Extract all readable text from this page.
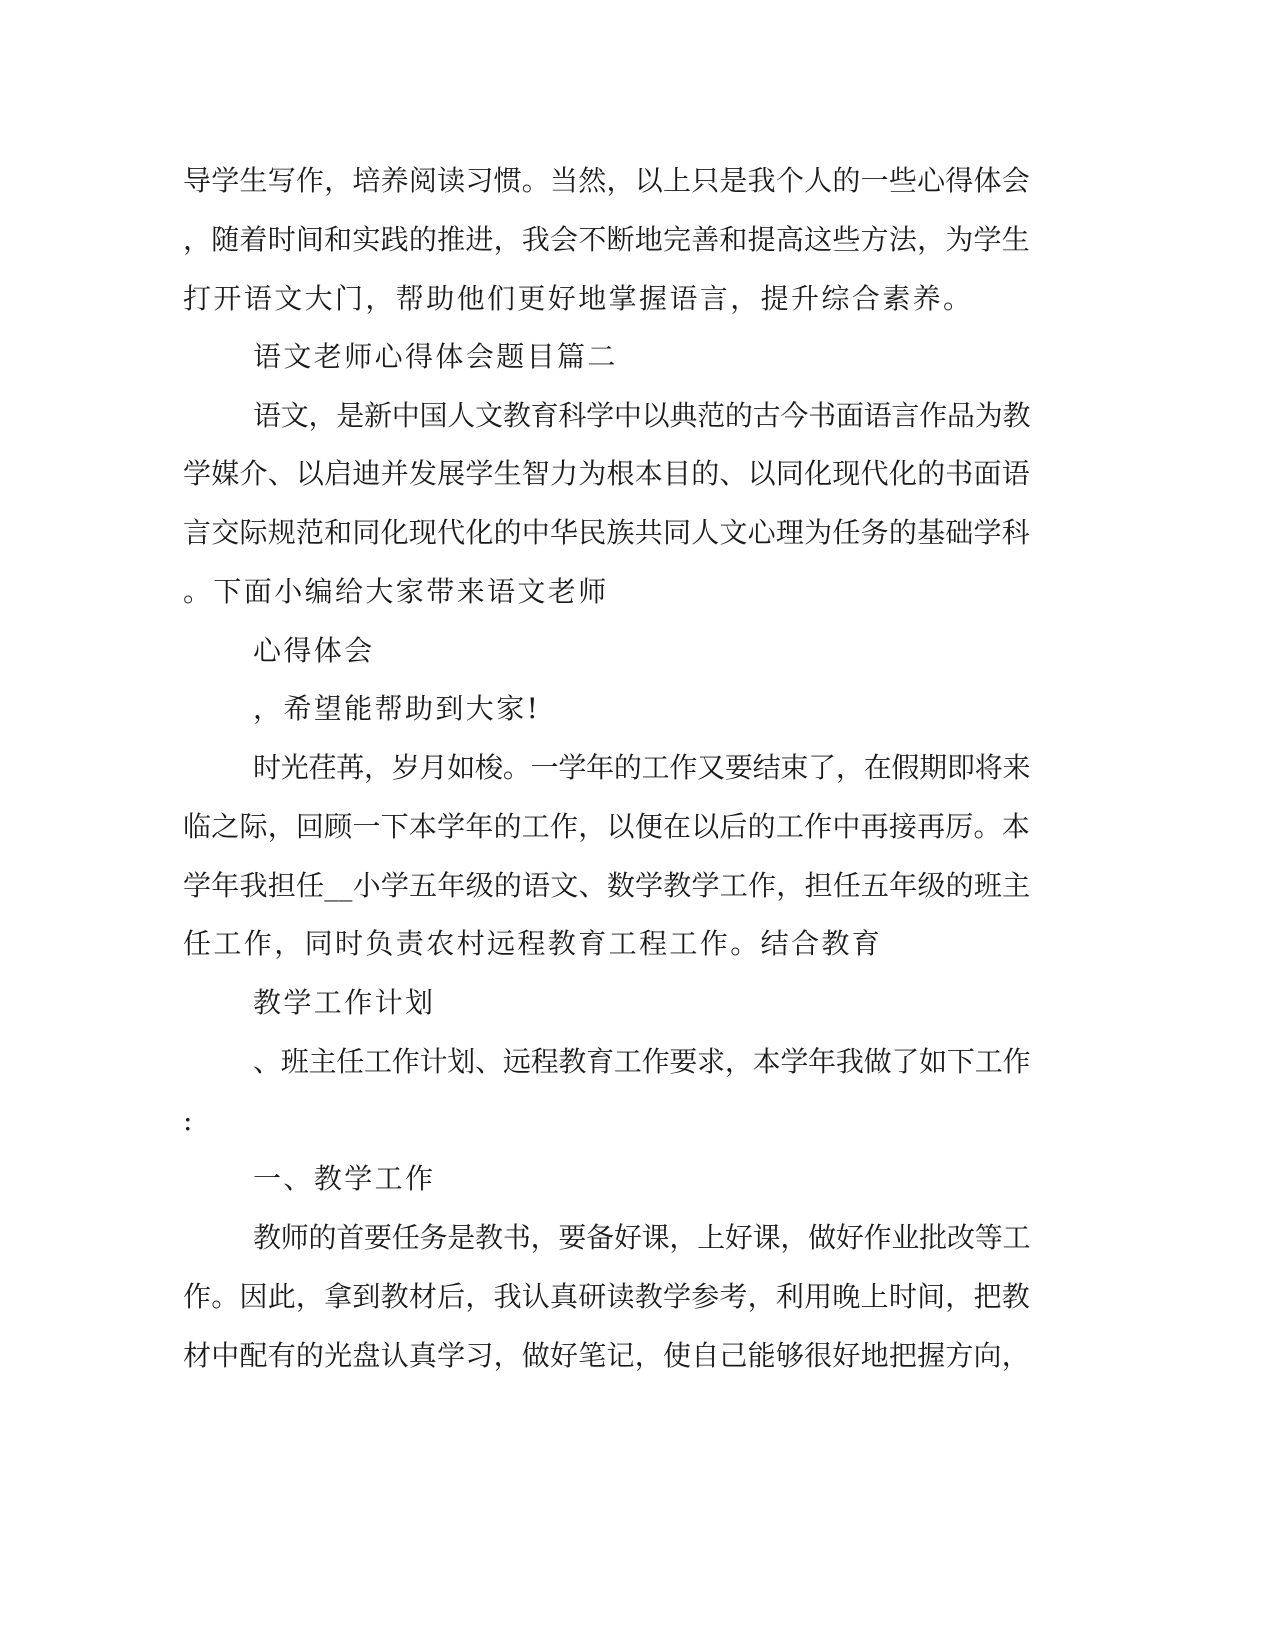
导学生写作，培养阅读习惯。当然，以上只是我个人的一些心得体会
，随着时间和实践的推进，我会不断地完善和提高这些方法，为学生
打开语文大门，帮助他们更好地掌握语言，提升综合素养。
语文老师心得体会题目篇二
语文，是新中国人文教育科学中以典范的古今书面语言作品为教
学媒介、以启迪并发展学生智力为根本目的、以同化现代化的书面语
言交际规范和同化现代化的中华民族共同人文心理为任务的基础学科
。下面小编给大家带来语文老师
心得体会
，希望能帮助到大家!
时光荏苒，岁月如梭。一学年的工作又要结束了，在假期即将来
临之际，回顾一下本学年的工作，以便在以后的工作中再接再厉。本
学年我担任__小学五年级的语文、数学教学工作，担任五年级的班主
任工作，同时负责农村远程教育工程工作。结合教育
教学工作计划
、班主任工作计划、远程教育工作要求，本学年我做了如下工作
:
一、教学工作
教师的首要任务是教书，要备好课，上好课，做好作业批改等工
作。因此，拿到教材后，我认真研读教学参考，利用晚上时间，把教
材中配有的光盘认真学习，做好笔记，使自己能够很好地把握方向，
